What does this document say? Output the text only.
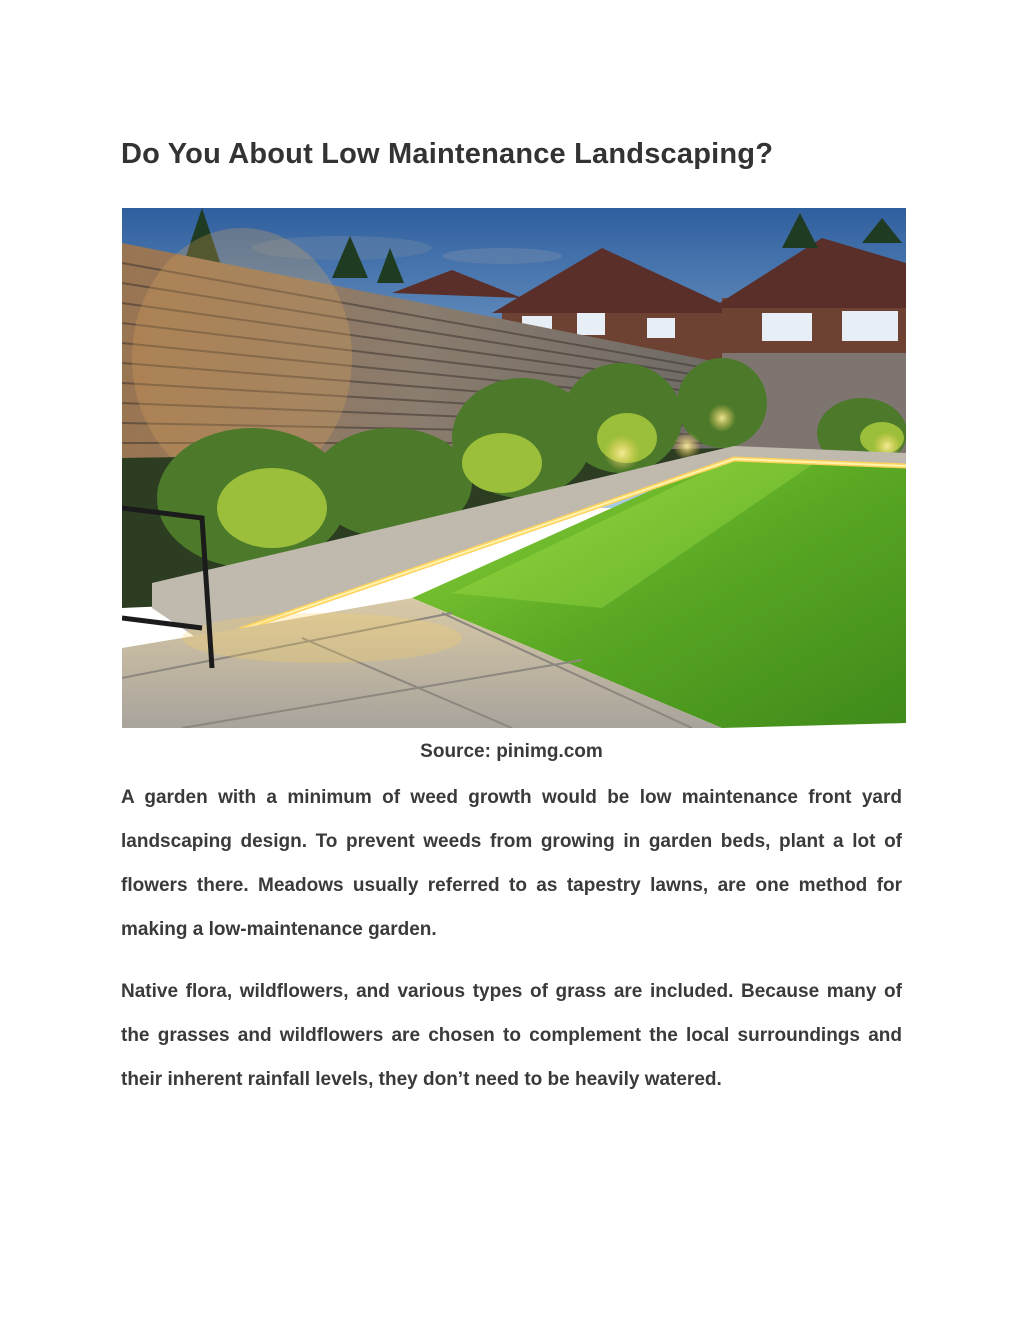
Do You About Low Maintenance Landscaping?
Source: pinimg.com

A garden with a minimum of weed growth would be low maintenance front yard landscaping design. To prevent weeds from growing in garden beds, plant a lot of flowers there. Meadows usually referred to as tapestry lawns, are one method for making a low-maintenance garden.

Native flora, wildflowers, and various types of grass are included. Because many of the grasses and wildflowers are chosen to complement the local surroundings and their inherent rainfall levels, they don’t need to be heavily watered.
